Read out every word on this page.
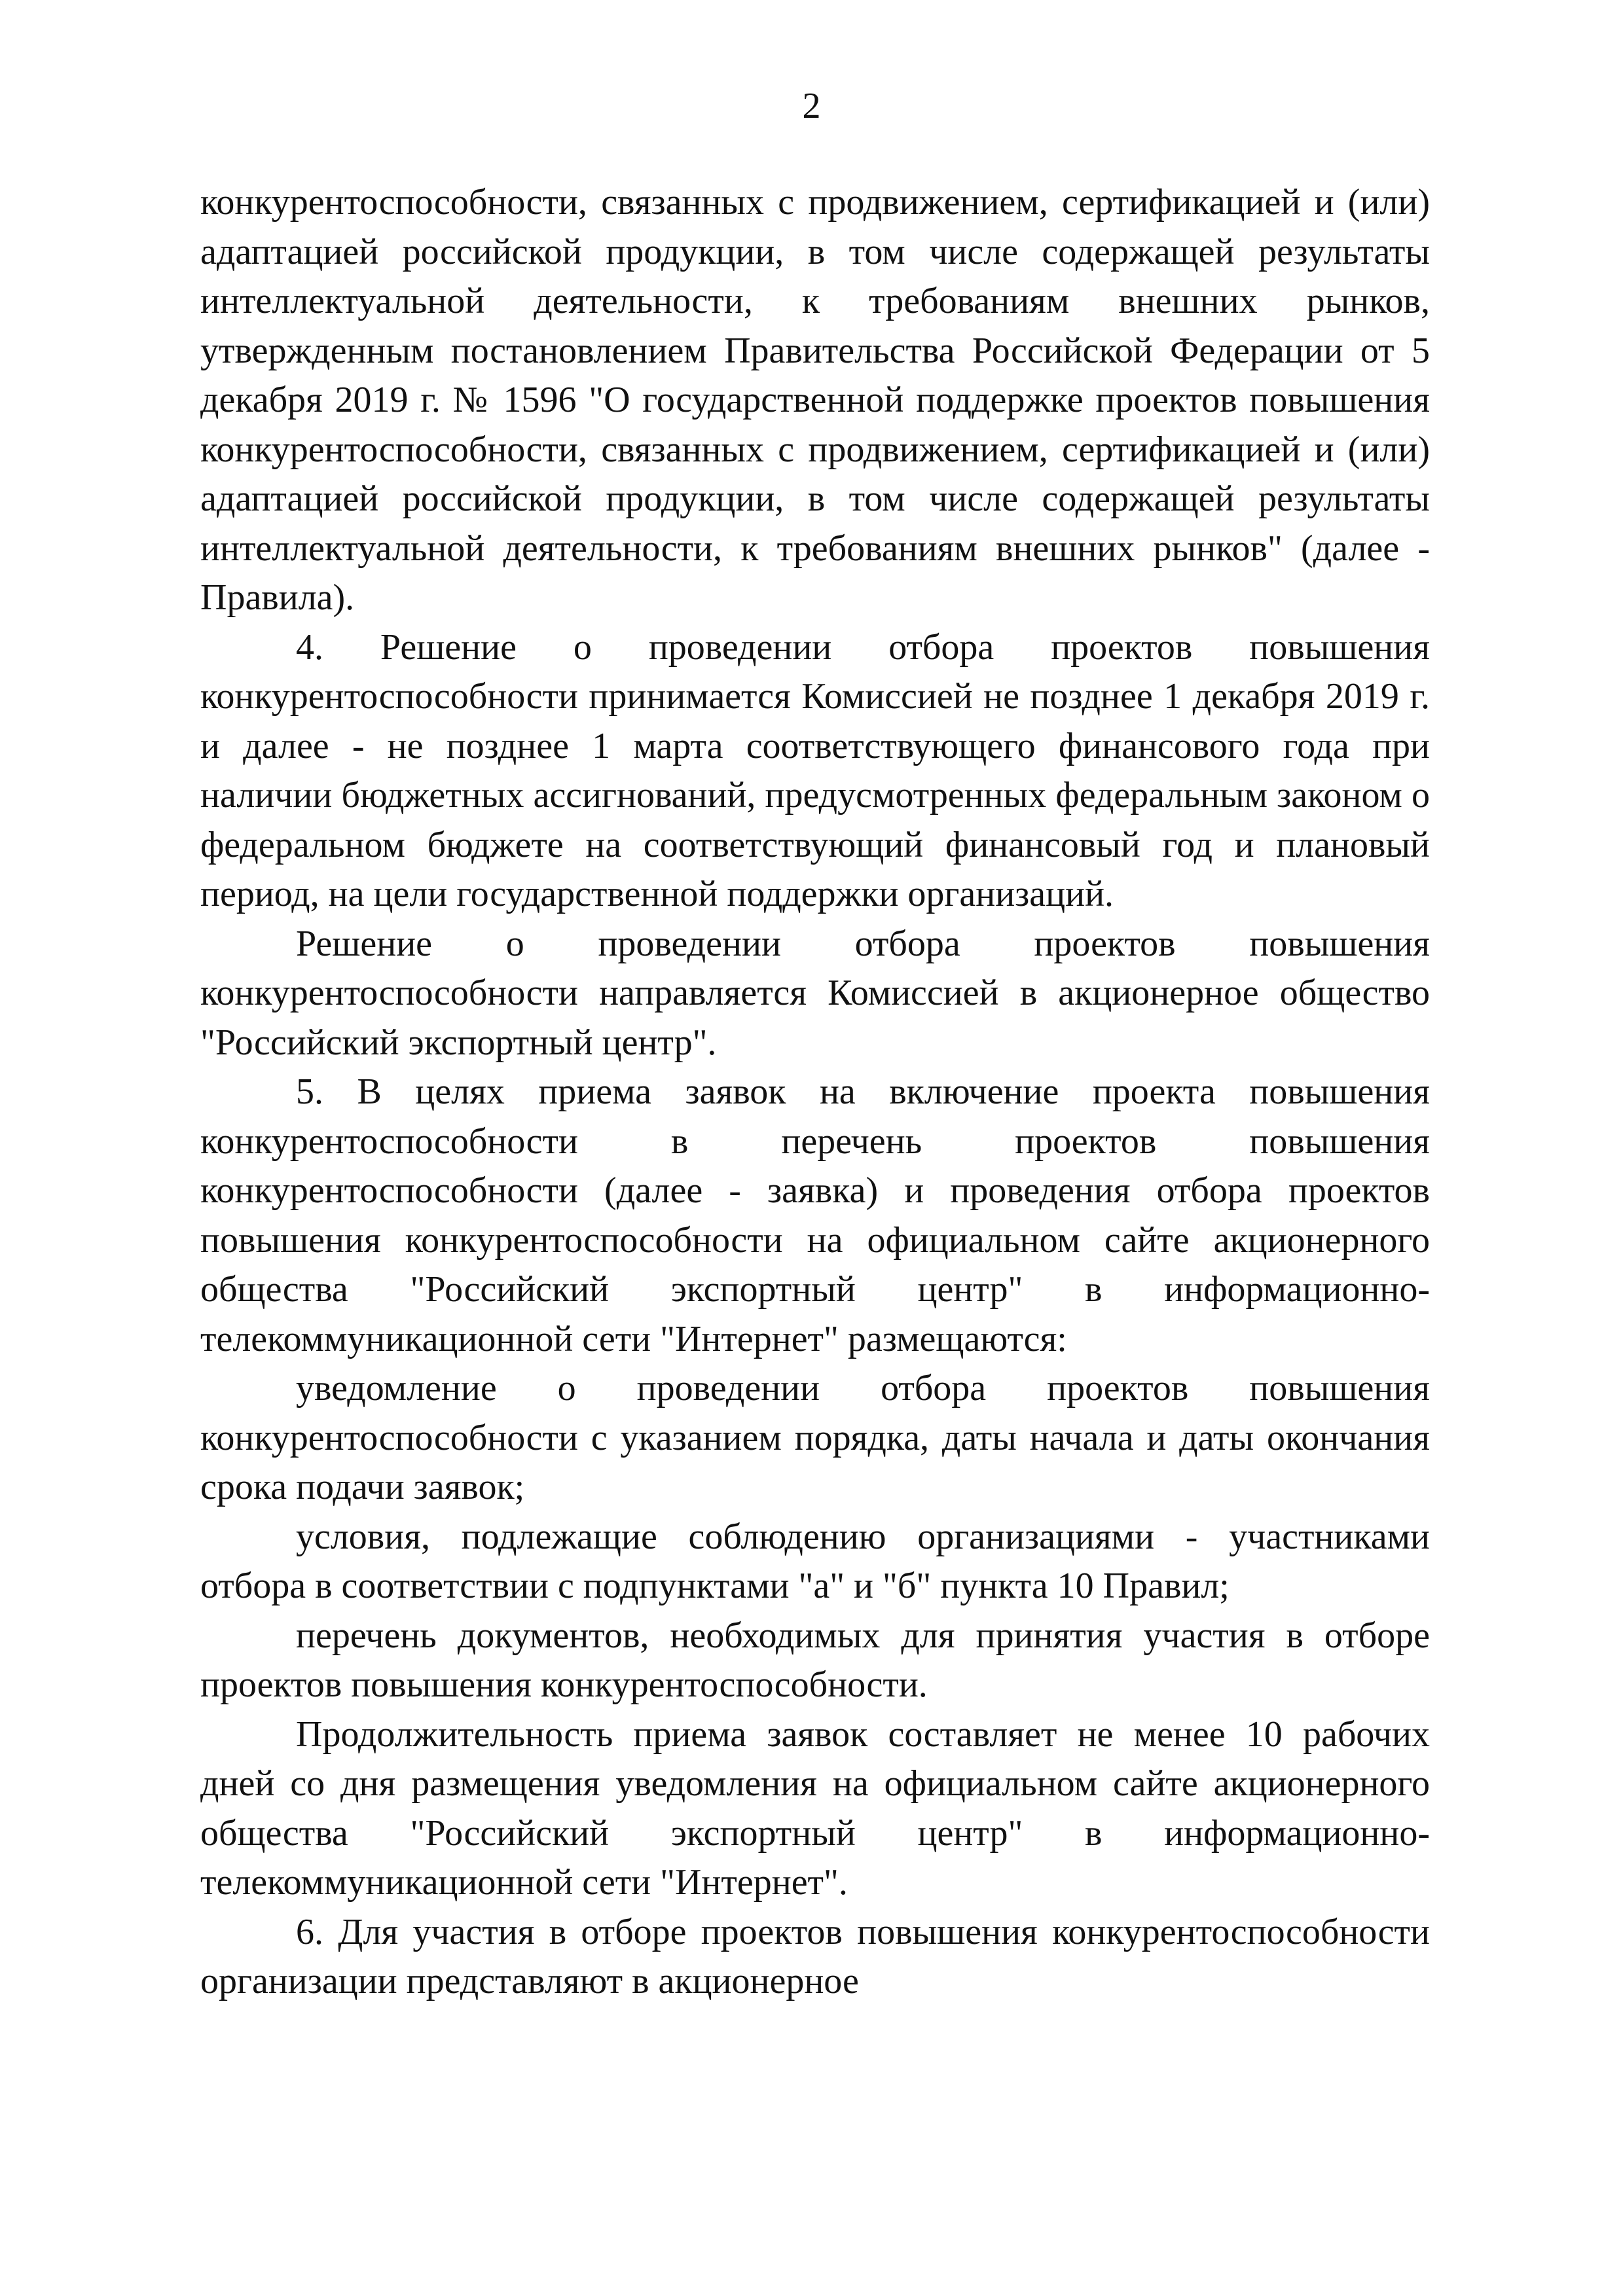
2

конкурентоспособности, связанных с продвижением, сертификацией и (или) адаптацией российской продукции, в том числе содержащей результаты интеллектуальной деятельности, к требованиям внешних рынков, утвержденным постановлением Правительства Российской Федерации от 5 декабря 2019 г. № 1596 "О государственной поддержке проектов повышения конкурентоспособности, связанных с продвижением, сертификацией и (или) адаптацией российской продукции, в том числе содержащей результаты интеллектуальной деятельности, к требованиям внешних рынков" (далее - Правила).

4. Решение о проведении отбора проектов повышения конкурентоспособности принимается Комиссией не позднее 1 декабря 2019 г. и далее - не позднее 1 марта соответствующего финансового года при наличии бюджетных ассигнований, предусмотренных федеральным законом о федеральном бюджете на соответствующий финансовый год и плановый период, на цели государственной поддержки организаций.

Решение о проведении отбора проектов повышения конкурентоспособности направляется Комиссией в акционерное общество "Российский экспортный центр".

5. В целях приема заявок на включение проекта повышения конкурентоспособности в перечень проектов повышения конкурентоспособности (далее - заявка) и проведения отбора проектов повышения конкурентоспособности на официальном сайте акционерного общества "Российский экспортный центр" в информационно-телекоммуникационной сети "Интернет" размещаются:

уведомление о проведении отбора проектов повышения конкурентоспособности с указанием порядка, даты начала и даты окончания срока подачи заявок;

условия, подлежащие соблюдению организациями - участниками отбора в соответствии с подпунктами "а" и "б" пункта 10 Правил;

перечень документов, необходимых для принятия участия в отборе проектов повышения конкурентоспособности.

Продолжительность приема заявок составляет не менее 10 рабочих дней со дня размещения уведомления на официальном сайте акционерного общества "Российский экспортный центр" в информационно-телекоммуникационной сети "Интернет".

6. Для участия в отборе проектов повышения конкурентоспособности организации представляют в акционерное
